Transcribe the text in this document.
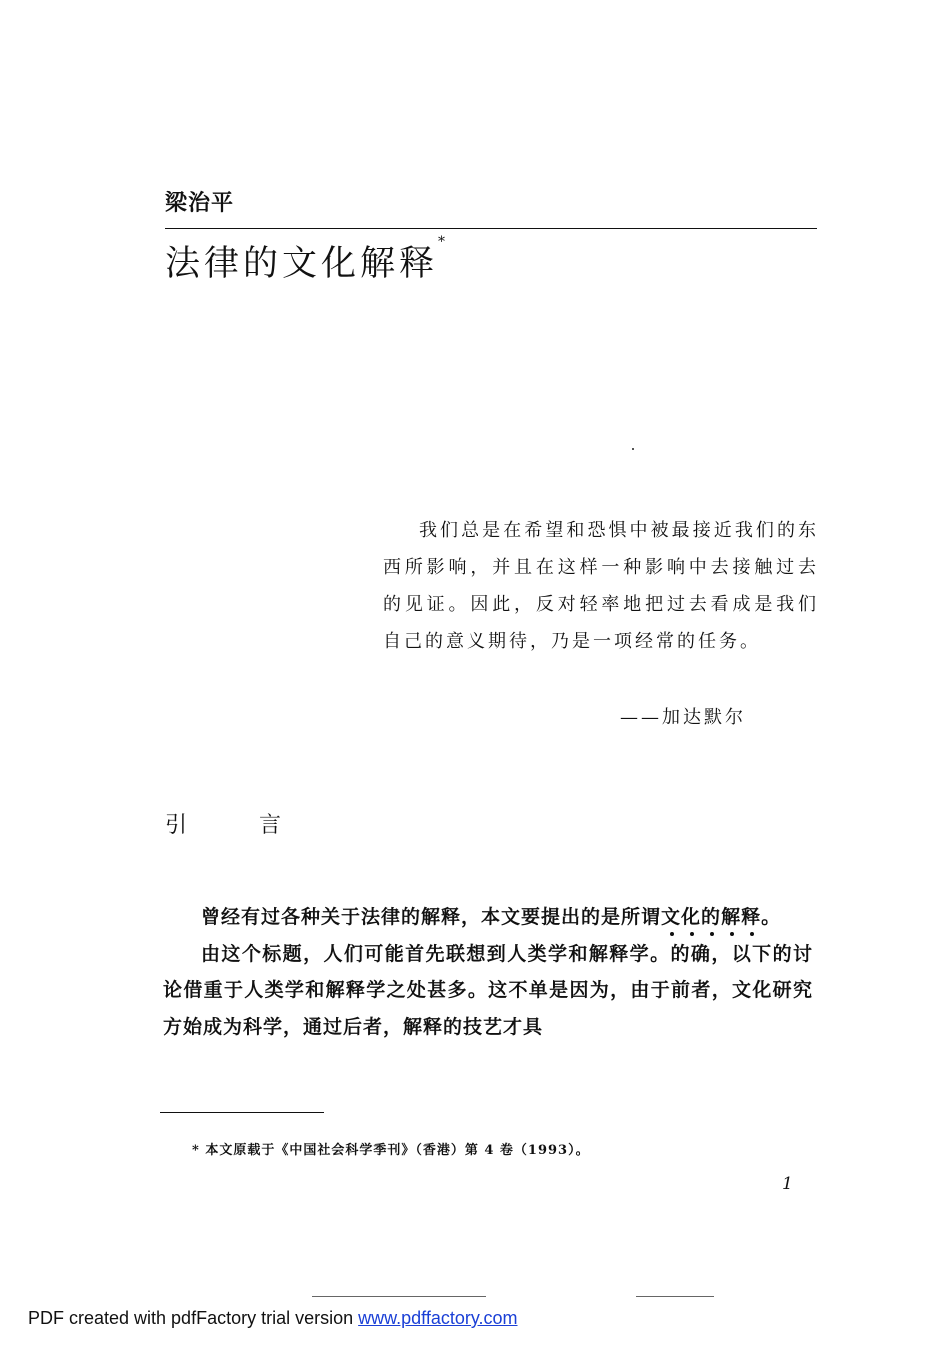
梁治平
法律的文化解释*

我们总是在希望和恐惧中被最接近我们的东西所影响，并且在这样一种影响中去接触过去的见证。因此，反对轻率地把过去看成是我们自己的意义期待，乃是一项经常的任务。

——加达默尔
引	言

曾经有过各种关于法律的解释，本文要提出的是所谓文化的解释。

由这个标题，人们可能首先联想到人类学和解释学。的确，以下的讨论借重于人类学和解释学之处甚多。这不单是因为，由于前者，文化研究方始成为科学，通过后者，解释的技艺才具

* 本文原载于《中国社会科学季刊》（香港）第 4 卷（1993）。
1
PDF created with pdfFactory trial version www.pdffactory.com
